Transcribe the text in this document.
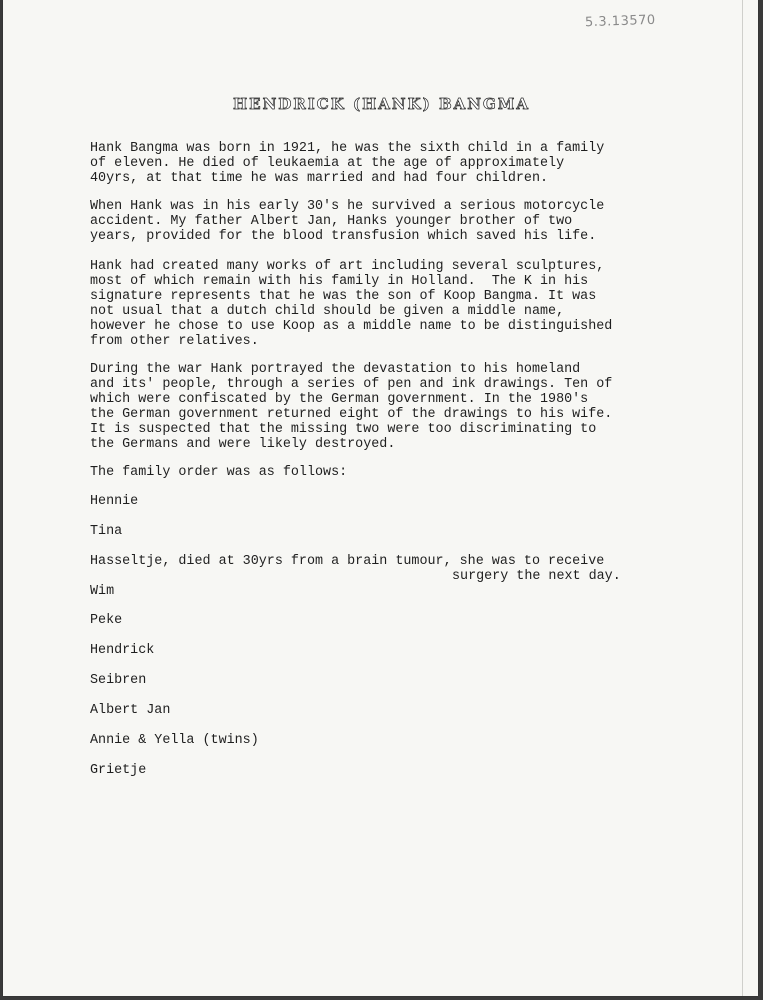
5.3.13570
HENDRICK (HANK) BANGMA
Hank Bangma was born in 1921, he was the sixth child in a family
of eleven. He died of leukaemia at the age of approximately
40yrs, at that time he was married and had four children.
When Hank was in his early 30's he survived a serious motorcycle
accident. My father Albert Jan, Hanks younger brother of two
years, provided for the blood transfusion which saved his life.
Hank had created many works of art including several sculptures,
most of which remain with his family in Holland.  The K in his
signature represents that he was the son of Koop Bangma. It was
not usual that a dutch child should be given a middle name,
however he chose to use Koop as a middle name to be distinguished
from other relatives.
During the war Hank portrayed the devastation to his homeland
and its' people, through a series of pen and ink drawings. Ten of
which were confiscated by the German government. In the 1980's
the German government returned eight of the drawings to his wife.
It is suspected that the missing two were too discriminating to
the Germans and were likely destroyed.
The family order was as follows:
Hennie
Tina
Hasseltje, died at 30yrs from a brain tumour, she was to receive
surgery the next day.
Wim
Peke
Hendrick
Seibren
Albert Jan
Annie & Yella (twins)
Grietje
